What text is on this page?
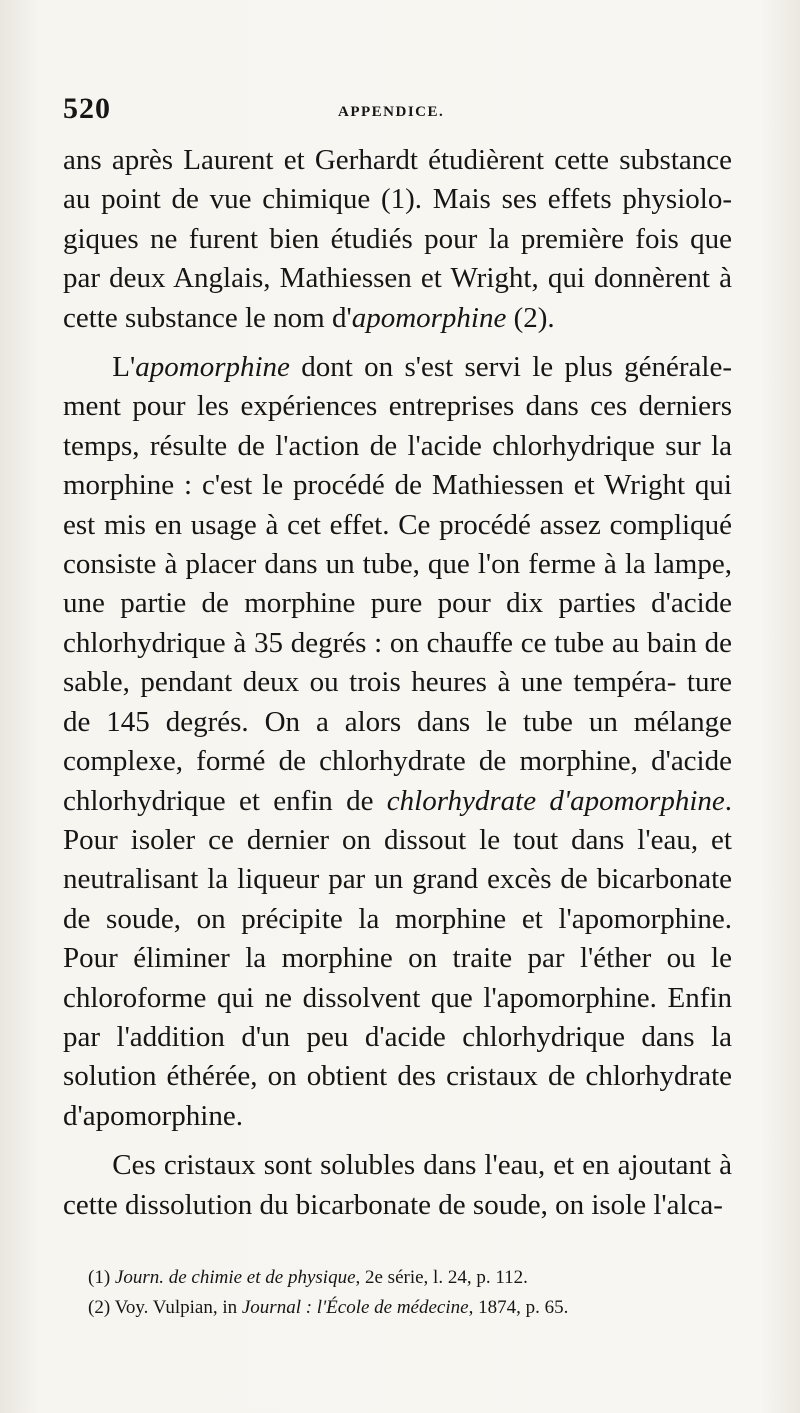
520	APPENDICE.

ans après Laurent et Gerhardt étudièrent cette substance au point de vue chimique (1). Mais ses effets physiolo- giques ne furent bien étudiés pour la première fois que par deux Anglais, Mathiessen et Wright, qui donnèrent à cette substance le nom d'apomorphine (2).

L'apomorphine dont on s'est servi le plus générale- ment pour les expériences entreprises dans ces derniers temps, résulte de l'action de l'acide chlorhydrique sur la morphine : c'est le procédé de Mathiessen et Wright qui est mis en usage à cet effet. Ce procédé assez compliqué consiste à placer dans un tube, que l'on ferme à la lampe, une partie de morphine pure pour dix parties d'acide chlorhydrique à 35 degrés : on chauffe ce tube au bain de sable, pendant deux ou trois heures à une tempéra- ture de 145 degrés. On a alors dans le tube un mélange complexe, formé de chlorhydrate de morphine, d'acide chlorhydrique et enfin de chlorhydrate d'apomorphine. Pour isoler ce dernier on dissout le tout dans l'eau, et neutralisant la liqueur par un grand excès de bicarbonate de soude, on précipite la morphine et l'apomorphine. Pour éliminer la morphine on traite par l'éther ou le chloroforme qui ne dissolvent que l'apomorphine. Enfin par l'addition d'un peu d'acide chlorhydrique dans la solution éthérée, on obtient des cristaux de chlorhydrate d'apomorphine.

Ces cristaux sont solubles dans l'eau, et en ajoutant à cette dissolution du bicarbonate de soude, on isole l'alca-

(1) Journ. de chimie et de physique, 2e série, l. 24, p. 112.
(2) Voy. Vulpian, in Journal : l'École de médecine, 1874, p. 65.
